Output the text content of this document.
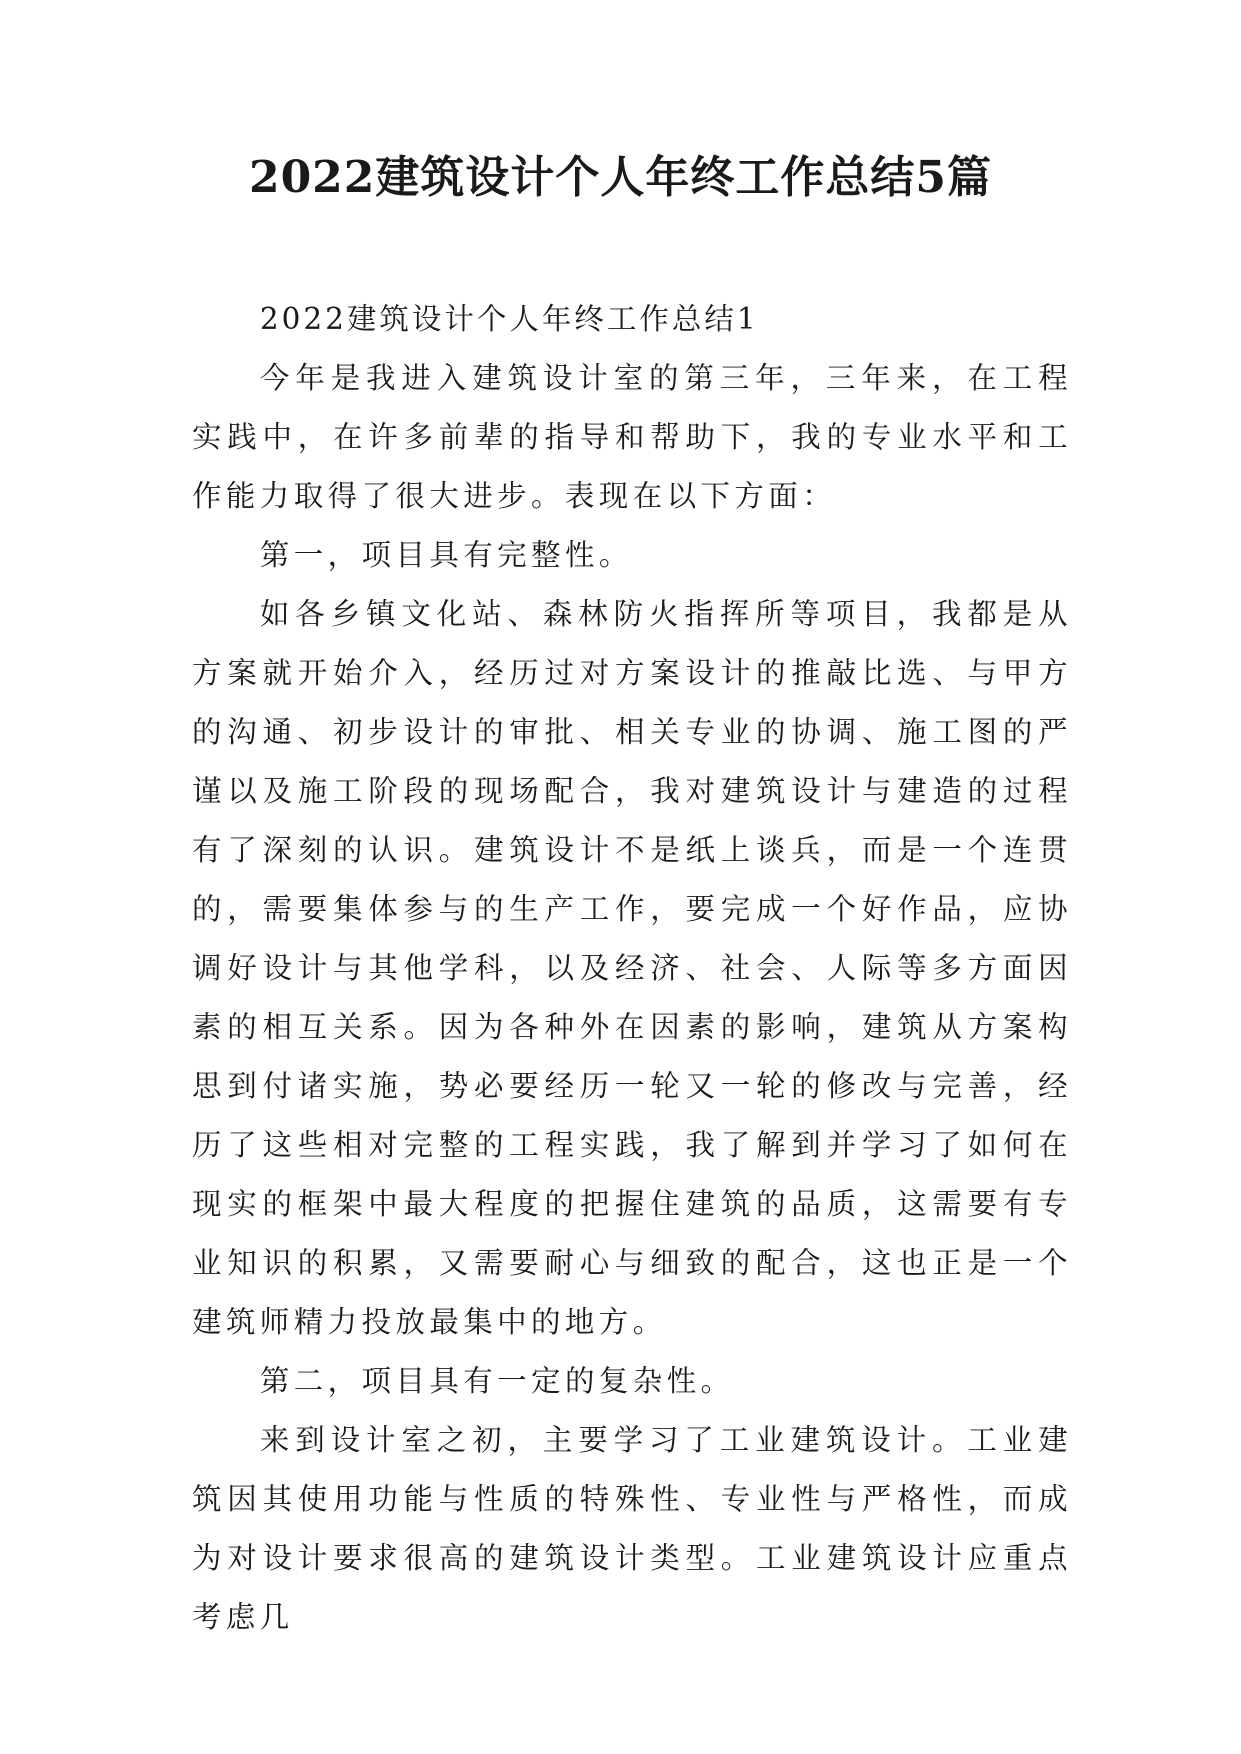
2022建筑设计个人年终工作总结5篇

2022建筑设计个人年终工作总结1

今年是我进入建筑设计室的第三年，三年来，在工程实践中，在许多前辈的指导和帮助下，我的专业水平和工作能力取得了很大进步。表现在以下方面：

第一，项目具有完整性。

如各乡镇文化站、森林防火指挥所等项目，我都是从方案就开始介入，经历过对方案设计的推敲比选、与甲方的沟通、初步设计的审批、相关专业的协调、施工图的严谨以及施工阶段的现场配合，我对建筑设计与建造的过程有了深刻的认识。建筑设计不是纸上谈兵，而是一个连贯的，需要集体参与的生产工作，要完成一个好作品，应协调好设计与其他学科，以及经济、社会、人际等多方面因素的相互关系。因为各种外在因素的影响，建筑从方案构思到付诸实施，势必要经历一轮又一轮的修改与完善，经历了这些相对完整的工程实践，我了解到并学习了如何在现实的框架中最大程度的把握住建筑的品质，这需要有专业知识的积累，又需要耐心与细致的配合，这也正是一个建筑师精力投放最集中的地方。

第二，项目具有一定的复杂性。

来到设计室之初，主要学习了工业建筑设计。工业建筑因其使用功能与性质的特殊性、专业性与严格性，而成为对设计要求很高的建筑设计类型。工业建筑设计应重点考虑几
